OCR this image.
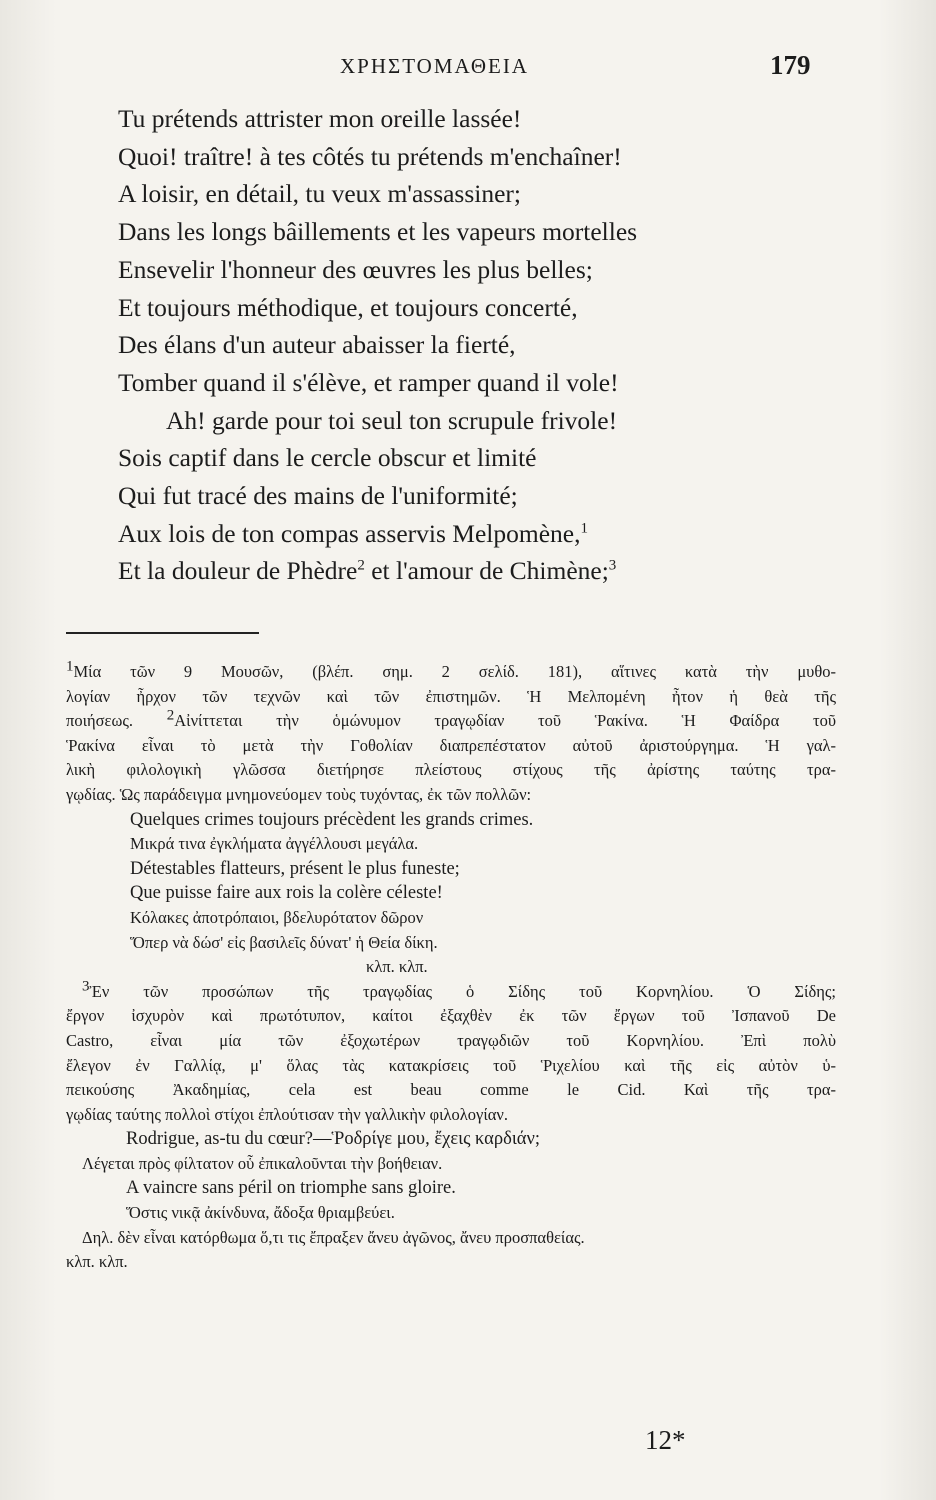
ΧΡΗΣΤΟΜΑΘΕΙΑ	179
Tu prétends attrister mon oreille lassée!
Quoi! traître! à tes côtés tu prétends m'enchaîner!
A loisir, en détail, tu veux m'assassiner;
Dans les longs bâillements et les vapeurs mortelles
Ensevelir l'honneur des œuvres les plus belles;
Et toujours méthodique, et toujours concerté,
Des élans d'un auteur abaisser la fierté,
Tomber quand il s'élève, et ramper quand il vole!
Ah! garde pour toi seul ton scrupule frivole!
Sois captif dans le cercle obscur et limité
Qui fut tracé des mains de l'uniformité;
Aux lois de ton compas asservis Melpomène,$^1$
Et la douleur de Phèdre$^2$ et l'amour de Chimène;$^3$
$^1$Μία τῶν 9 Μουσῶν, (βλέπ. σημ. 2 σελίδ. 181), αἵτινες κατὰ τὴν μυθο-
λογίαν ἦρχον τῶν τεχνῶν καὶ τῶν ἐπιστημῶν. Ἡ Μελπομένη ἦτον ἡ θεὰ τῆς
ποιήσεως. $^2$Αἰνίττεται τὴν ὁμώνυμον τραγῳδίαν τοῦ Ῥακίνα. Ἡ Φαίδρα τοῦ
Ῥακίνα εἶναι τὸ μετὰ τὴν Γοθολίαν διαπρεπέστατον αὐτοῦ ἀριστούργημα. Ἡ γαλ-
λικὴ φιλολογικὴ γλῶσσα διετήρησε πλείστους στίχους τῆς ἀρίστης ταύτης τρα-
γῳδίας. Ὡς παράδειγμα μνημονεύομεν τοὺς τυχόντας, ἐκ τῶν πολλῶν:
Quelques crimes toujours précèdent les grands crimes.
Μικρά τινα ἐγκλήματα ἀγγέλλουσι μεγάλα.
Détestables flatteurs, présent le plus funeste;
Que puisse faire aux rois la colère céleste!
Κόλακες ἀποτρόπαιοι, βδελυρότατον δῶρον
Ὅπερ νὰ δώσ' εἰς βασιλεῖς δύνατ' ἡ Θεία δίκη.
κλπ. κλπ.
$^3$Ἐν τῶν προσώπων τῆς τραγῳδίας ὁ Σίδης τοῦ Κορνηλίου. Ὁ Σίδης;
ἔργον ἰσχυρὸν καὶ πρωτότυπον, καίτοι ἐξαχθὲν ἐκ τῶν ἔργων τοῦ Ἰσπανοῦ De
Castro, εἶναι μία τῶν ἐξοχωτέρων τραγῳδιῶν τοῦ Κορνηλίου. Ἐπὶ πολὺ
ἔλεγον ἐν Γαλλίᾳ, μ' ὅλας τὰς κατακρίσεις τοῦ Ῥιχελίου καὶ τῆς εἰς αὐτὸν ὑ-
πεικούσης Ἀκαδημίας, cela est beau comme le Cid. Καὶ τῆς τρα-
γῳδίας ταύτης πολλοὶ στίχοι ἐπλούτισαν τὴν γαλλικὴν φιλολογίαν.
Rodrigue, as-tu du cœur?—Ῥοδρίγε μου, ἔχεις καρδιάν;
Λέγεται πρὸς φίλτατον οὗ ἐπικαλοῦνται τὴν βοήθειαν.
A vaincre sans péril on triomphe sans gloire.
Ὅστις νικᾷ ἀκίνδυνα, ἄδοξα θριαμβεύει.
Δηλ. δὲν εἶναι κατόρθωμα ὅ,τι τις ἔπραξεν ἄνευ ἀγῶνος, ἄνευ προσπαθείας.
κλπ. κλπ.
12*
